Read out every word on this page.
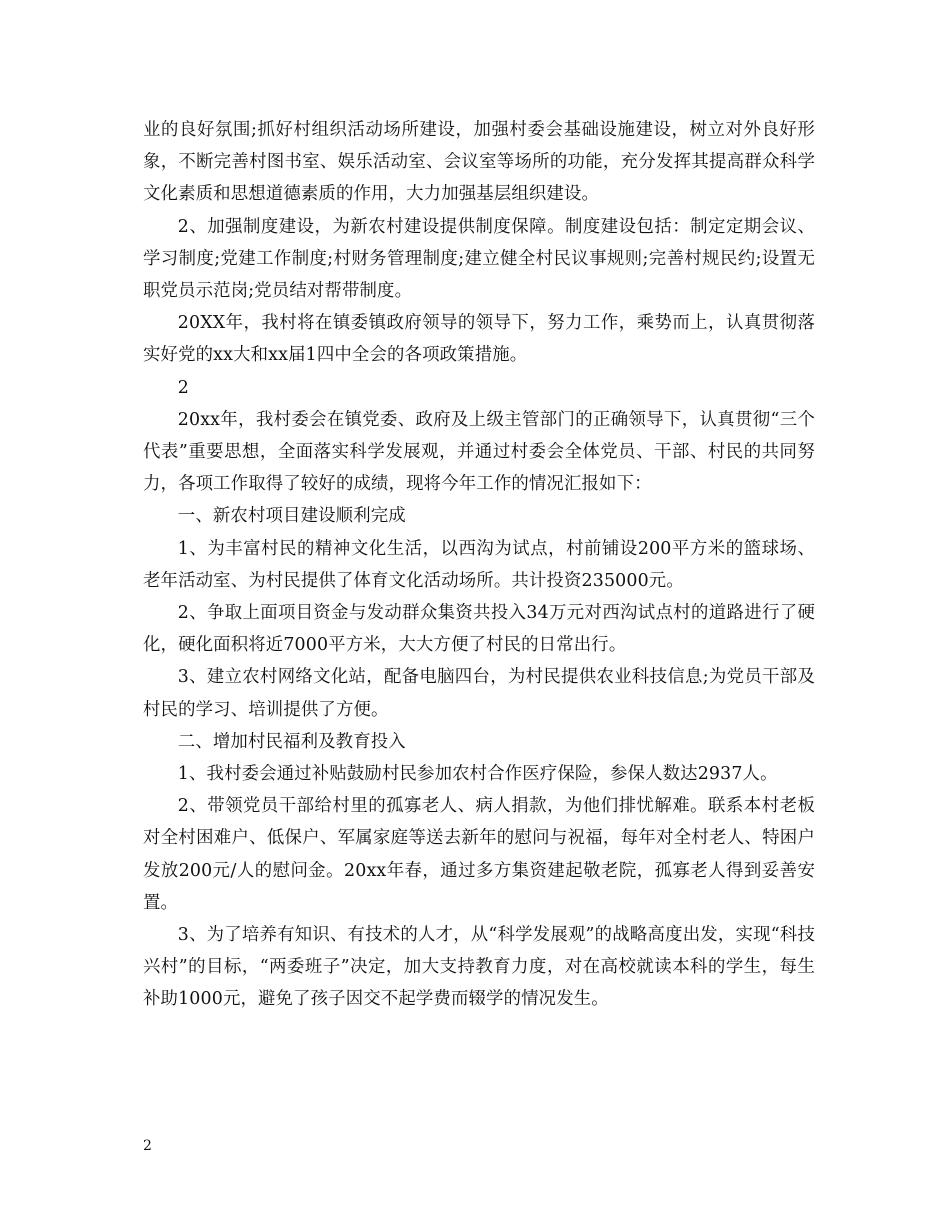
业的良好氛围;抓好村组织活动场所建设，加强村委会基础设施建设，树立对外良好形象，不断完善村图书室、娱乐活动室、会议室等场所的功能，充分发挥其提高群众科学文化素质和思想道德素质的作用，大力加强基层组织建设。

2、加强制度建设，为新农村建设提供制度保障。制度建设包括：制定定期会议、学习制度;党建工作制度;村财务管理制度;建立健全村民议事规则;完善村规民约;设置无职党员示范岗;党员结对帮带制度。

20XX年，我村将在镇委镇政府领导的领导下，努力工作，乘势而上，认真贯彻落实好党的xx大和xx届1四中全会的各项政策措施。

2

20xx年，我村委会在镇党委、政府及上级主管部门的正确领导下，认真贯彻“三个代表”重要思想，全面落实科学发展观，并通过村委会全体党员、干部、村民的共同努力，各项工作取得了较好的成绩，现将今年工作的情况汇报如下：

一、新农村项目建设顺利完成

1、为丰富村民的精神文化生活，以西沟为试点，村前铺设200平方米的篮球场、老年活动室、为村民提供了体育文化活动场所。共计投资235000元。

2、争取上面项目资金与发动群众集资共投入34万元对西沟试点村的道路进行了硬化，硬化面积将近7000平方米，大大方便了村民的日常出行。

3、建立农村网络文化站，配备电脑四台，为村民提供农业科技信息;为党员干部及村民的学习、培训提供了方便。

二、增加村民福利及教育投入

1、我村委会通过补贴鼓励村民参加农村合作医疗保险，参保人数达2937人。

2、带领党员干部给村里的孤寡老人、病人捐款，为他们排忧解难。联系本村老板对全村困难户、低保户、军属家庭等送去新年的慰问与祝福，每年对全村老人、特困户发放200元/人的慰问金。20xx年春，通过多方集资建起敬老院，孤寡老人得到妥善安置。

3、为了培养有知识、有技术的人才，从“科学发展观”的战略高度出发，实现“科技兴村”的目标，“两委班子”决定，加大支持教育力度，对在高校就读本科的学生，每生补助1000元，避免了孩子因交不起学费而辍学的情况发生。

2
